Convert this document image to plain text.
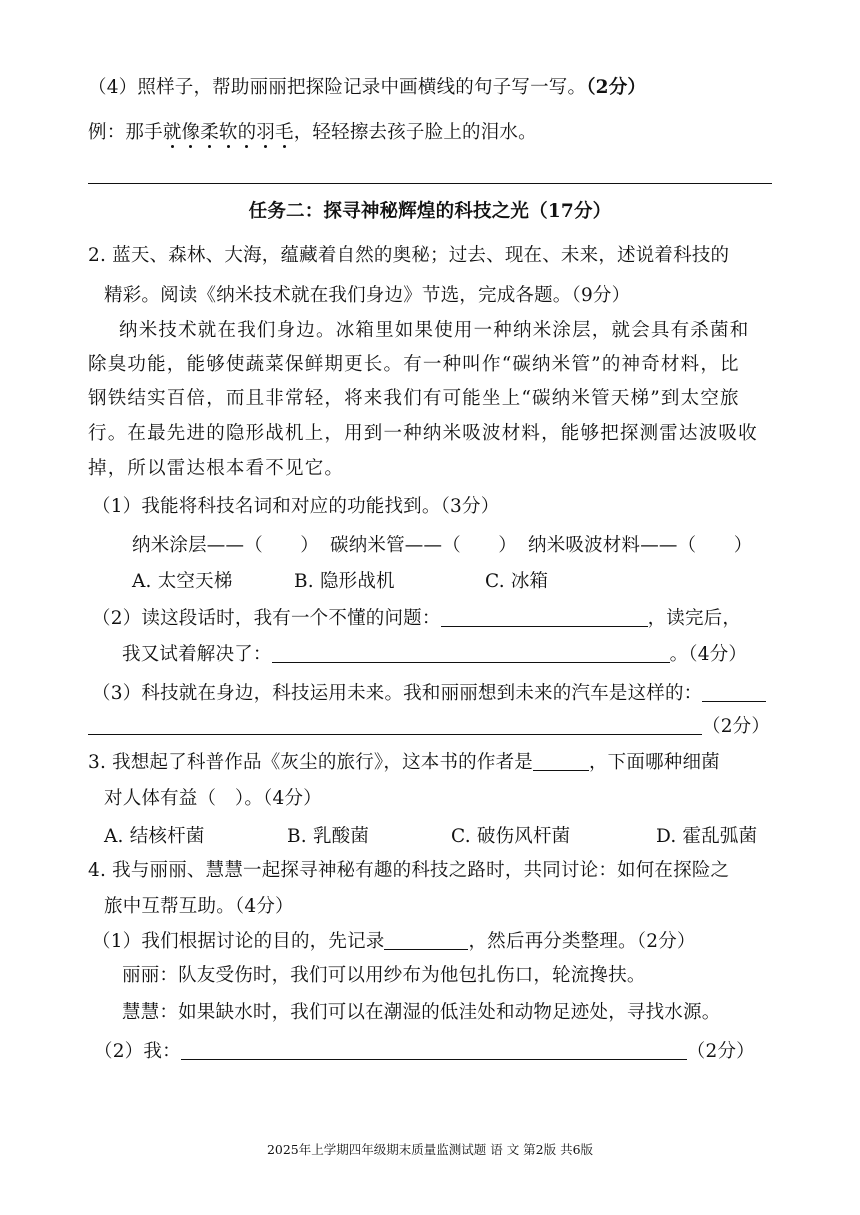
（4）照样子，帮助丽丽把探险记录中画横线的句子写一写。（2分）
例：那手就像柔软的羽毛，轻轻擦去孩子脸上的泪水。
任务二：探寻神秘辉煌的科技之光（17分）
2. 蓝天、森林、大海，蕴藏着自然的奥秘；过去、现在、未来，述说着科技的
精彩。阅读《纳米技术就在我们身边》节选，完成各题。（9分）
纳米技术就在我们身边。冰箱里如果使用一种纳米涂层，就会具有杀菌和
除臭功能，能够使蔬菜保鲜期更长。有一种叫作“碳纳米管”的神奇材料，比
钢铁结实百倍，而且非常轻，将来我们有可能坐上“碳纳米管天梯”到太空旅
行。在最先进的隐形战机上，用到一种纳米吸波材料，能够把探测雷达波吸收
掉，所以雷达根本看不见它。
（1）我能将科技名词和对应的功能找到。（3分）
纳米涂层——（　　） 碳纳米管——（　　） 纳米吸波材料——（　　）
A. 太空天梯	B. 隐形战机	C. 冰箱
（2）读这段话时，我有一个不懂的问题：	，读完后，
我又试着解决了：	。（4分）
（3）科技就在身边，科技运用未来。我和丽丽想到未来的汽车是这样的：
（2分）
3. 我想起了科普作品《灰尘的旅行》，这本书的作者是	，下面哪种细菌
对人体有益（　）。（4分）
A. 结核杆菌	B. 乳酸菌	C. 破伤风杆菌	D. 霍乱弧菌
4. 我与丽丽、慧慧一起探寻神秘有趣的科技之路时，共同讨论：如何在探险之
旅中互帮互助。（4分）
（1）我们根据讨论的目的，先记录	，然后再分类整理。（2分）
丽丽：队友受伤时，我们可以用纱布为他包扎伤口，轮流搀扶。
慧慧：如果缺水时，我们可以在潮湿的低洼处和动物足迹处，寻找水源。
（2）我：	（2分）
2025年上学期四年级期末质量监测试题 语 文 第2版 共6版
